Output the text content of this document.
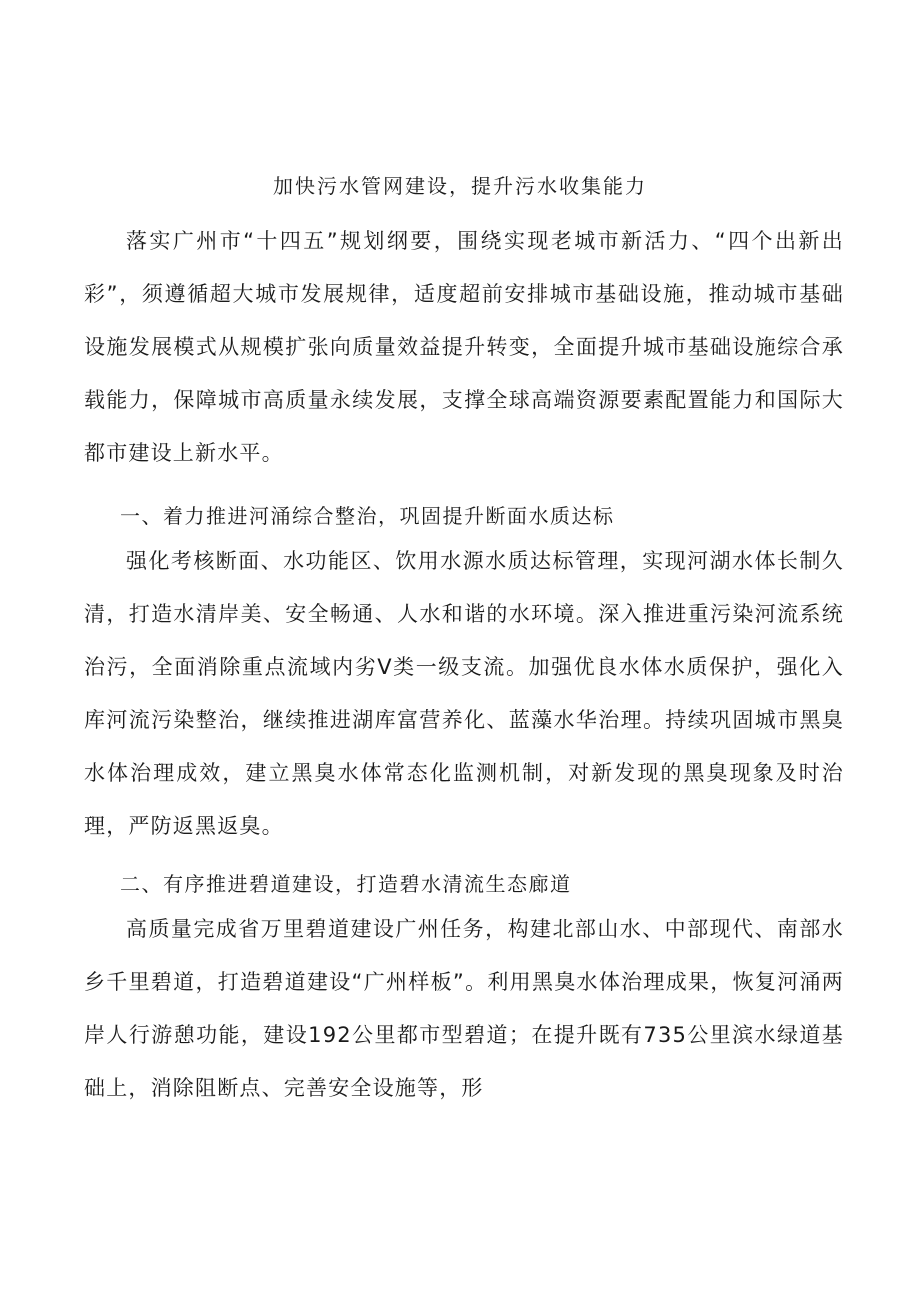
加快污水管网建设，提升污水收集能力

落实广州市“十四五”规划纲要，围绕实现老城市新活力、“四个出新出彩”，须遵循超大城市发展规律，适度超前安排城市基础设施，推动城市基础设施发展模式从规模扩张向质量效益提升转变，全面提升城市基础设施综合承载能力，保障城市高质量永续发展，支撑全球高端资源要素配置能力和国际大都市建设上新水平。

一、着力推进河涌综合整治，巩固提升断面水质达标

强化考核断面、水功能区、饮用水源水质达标管理，实现河湖水体长制久清，打造水清岸美、安全畅通、人水和谐的水环境。深入推进重污染河流系统治污，全面消除重点流域内劣V类一级支流。加强优良水体水质保护，强化入库河流污染整治，继续推进湖库富营养化、蓝藻水华治理。持续巩固城市黑臭水体治理成效，建立黑臭水体常态化监测机制，对新发现的黑臭现象及时治理，严防返黑返臭。

二、有序推进碧道建设，打造碧水清流生态廊道

高质量完成省万里碧道建设广州任务，构建北部山水、中部现代、南部水乡千里碧道，打造碧道建设“广州样板”。利用黑臭水体治理成果，恢复河涌两岸人行游憩功能，建设192公里都市型碧道；在提升既有735公里滨水绿道基础上，消除阻断点、完善安全设施等，形
